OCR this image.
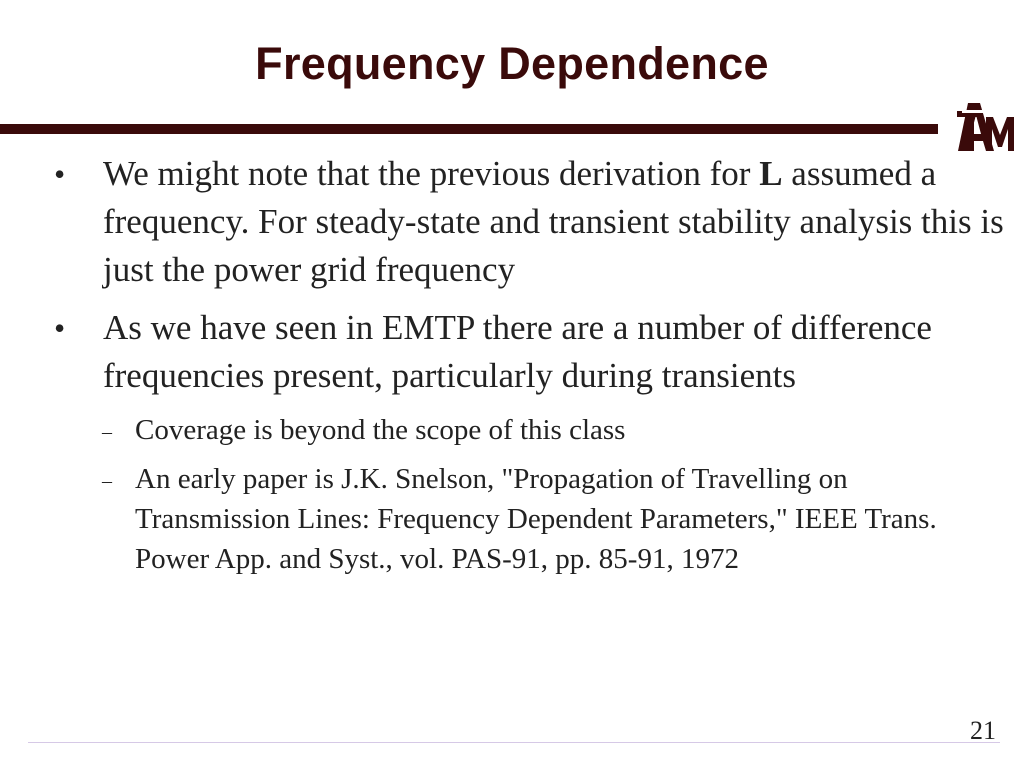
Frequency Dependence
• We might note that the previous derivation for L assumed a frequency. For steady-state and transient stability analysis this is just the power grid frequency
• As we have seen in EMTP there are a number of difference frequencies present, particularly during transients
– Coverage is beyond the scope of this class
– An early paper is J.K. Snelson, "Propagation of Travelling on Transmission Lines: Frequency Dependent Parameters," IEEE Trans. Power App. and Syst., vol. PAS-91, pp. 85-91, 1972
21
